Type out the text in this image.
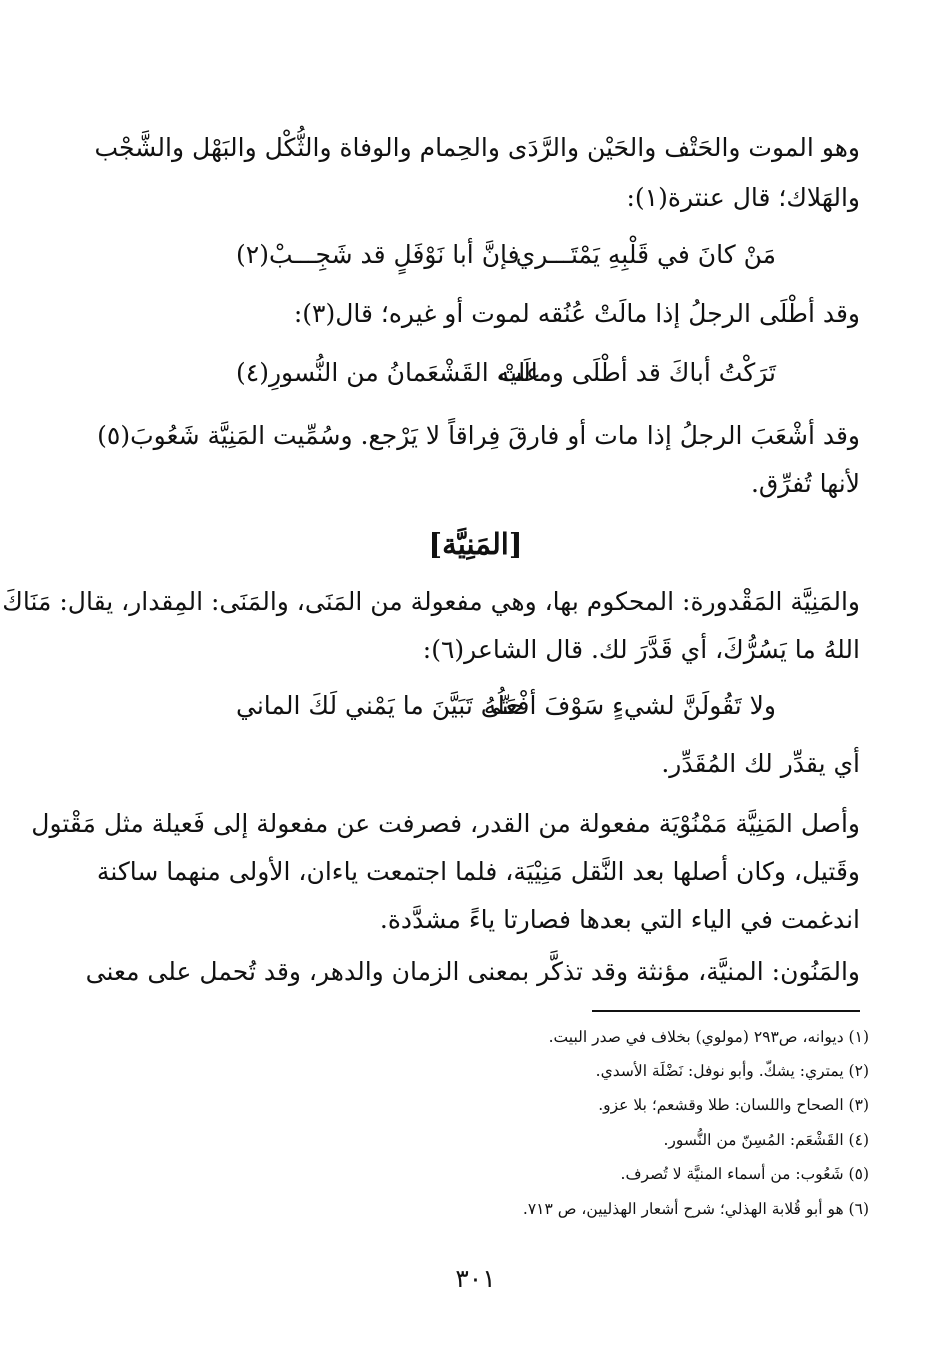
وهو الموت والحَتْف والحَيْن والرَّدَى والحِمام والوفاة والثُّكْل والبَهْل والشَّجْب
والهَلاك؛ قال عنترة(١):
مَنْ كانَ في قَلْبِهِ يَمْتَـــري
فإنَّ أبا نَوْفَلٍ قد شَجِـــبْ(٢)
وقد أطْلَى الرجلُ إذا مالَتْ عُنُقه لموت أو غيره؛ قال(٣):
تَرَكْتُ أباكَ قد أطْلَى ومالَتْ
عليه القَشْعَمانُ من النُّسورِ(٤)
وقد أشْعَبَ الرجلُ إذا مات أو فارقَ فِراقاً لا يَرْجع. وسُمِّيت المَنِيَّة شَعُوبَ(٥)
لأنها تُفرِّق.
[المَنِيَّة]
والمَنِيَّة المَقْدورة: المحكوم بها، وهي مفعولة من المَنَى، والمَنَى: المِقدار، يقال: مَنَاكَ
اللهُ ما يَسُرُّكَ، أي قَدَّرَ لك. قال الشاعر(٦):
ولا تَقُولَنَّ لشيءٍ سَوْفَ أفْعَلُهُ
حتّى تَبَيَّنَ ما يَمْني لَكَ الماني
أي يقدِّر لك المُقَدِّر.
وأصل المَنِيَّة مَمْنُوْيَة مفعولة من القدر، فصرفت عن مفعولة إلى فَعيلة مثل مَقْتول
وقَتيل، وكان أصلها بعد النَّقل مَنِيْيَة، فلما اجتمعت ياءان، الأولى منهما ساكنة
اندغمت في الياء التي بعدها فصارتا ياءً مشدَّدة.
والمَنُون: المنيَّة، مؤنثة وقد تذكَّر بمعنى الزمان والدهر، وقد تُحمل على معنى
(١) ديوانه، ص٢٩٣ (مولوي) بخلاف في صدر البيت.
(٢) يمتري: يشكّ. وأبو نوفل: نَضْلَة الأسدي.
(٣) الصحاح واللسان: طلا وقشعم؛ بلا عزو.
(٤) القَشْعَم: المُسِنّ من النُّسور.
(٥) شَعُوب: من أسماء المنيَّة لا تُصرف.
(٦) هو أبو قُلابة الهذلي؛ شرح أشعار الهذليين، ص ٧١٣.
٣٠١
